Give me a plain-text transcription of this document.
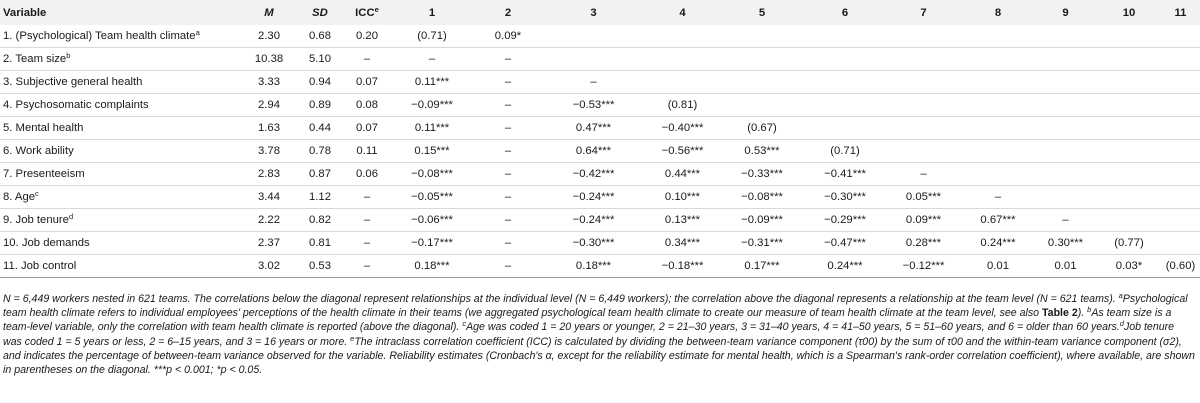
Variable	M	SD	ICCe	1	2	3	4	5	6	7	8	9	10	11
1. (Psychological) Team health climate$^a$	2.30	0.68	0.20	(0.71)	0.09*									
2. Team size$^b$	10.38	5.10	–	–	–									
3. Subjective general health	3.33	0.94	0.07	0.11***	–	–								
4. Psychosomatic complaints	2.94	0.89	0.08	−0.09***	–	−0.53***	(0.81)							
5. Mental health	1.63	0.44	0.07	0.11***	–	0.47***	−0.40***	(0.67)						
6. Work ability	3.78	0.78	0.11	0.15***	–	0.64***	−0.56***	0.53***	(0.71)					
7. Presenteeism	2.83	0.87	0.06	−0.08***	–	−0.42***	0.44***	−0.33***	−0.41***	–				
8. Age$^c$	3.44	1.12	–	−0.05***	–	−0.24***	0.10***	−0.08***	−0.30***	0.05***	–			
9. Job tenure$^d$	2.22	0.82	–	−0.06***	–	−0.24***	0.13***	−0.09***	−0.29***	0.09***	0.67***	–		
10. Job demands	2.37	0.81	–	−0.17***	–	−0.30***	0.34***	−0.31***	−0.47***	0.28***	0.24***	0.30***	(0.77)	
11. Job control	3.02	0.53	–	0.18***	–	0.18***	−0.18***	0.17***	0.24***	−0.12***	0.01	0.01	0.03*	(0.60)
N = 6,449 workers nested in 621 teams. The correlations below the diagonal represent relationships at the individual level (N = 6,449 workers); the correlation above the diagonal represents a relationship at the team level (N = 621 teams). $^a$Psychological team health climate refers to individual employees' perceptions of the health climate in their teams (we aggregated psychological team health climate to create our measure of team health climate at the team level, see also Table 2). $^b$As team size is a team-level variable, only the correlation with team health climate is reported (above the diagonal). $^c$Age was coded 1 = 20 years or younger, 2 = 21–30 years, 3 = 31–40 years, 4 = 41–50 years, 5 = 51–60 years, and 6 = older than 60 years.$^d$Job tenure was coded 1 = 5 years or less, 2 = 6–15 years, and 3 = 16 years or more. $^e$The intraclass correlation coefficient (ICC) is calculated by dividing the between-team variance component (τ00) by the sum of τ00 and the within-team variance component (σ2), and indicates the percentage of between-team variance observed for the variable. Reliability estimates (Cronbach's α, except for the reliability estimate for mental health, which is a Spearman's rank-order correlation coefficient), where available, are shown in parentheses on the diagonal. ***p < 0.001; *p < 0.05.
